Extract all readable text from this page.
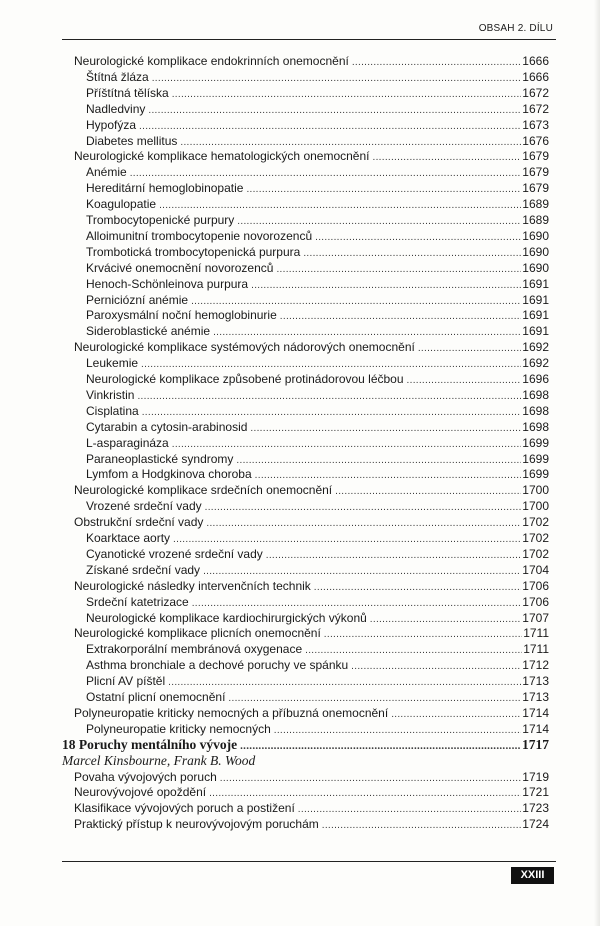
OBSAH 2. DÍLU
Neurologické komplikace endokrinních onemocnění .....	1666
Štítná žláza .....	1666
Příštítná tělíska .....	1672
Nadledviny .....	1672
Hypofýza .....	1673
Diabetes mellitus .....	1676
Neurologické komplikace hematologických onemocnění .....	1679
Anémie .....	1679
Hereditární hemoglobinopatie .....	1679
Koagulopatie .....	1689
Trombocytopenické purpury .....	1689
Alloimunitní trombocytopenie novorozenců .....	1690
Trombotická trombocytopenická purpura .....	1690
Krvácivé onemocnění novorozenců .....	1690
Henoch-Schönleinova purpura .....	1691
Perniciózní anémie .....	1691
Paroxysmální noční hemoglobinurie .....	1691
Sideroblastické anémie .....	1691
Neurologické komplikace systémových nádorových onemocnění .....	1692
Leukemie .....	1692
Neurologické komplikace způsobené protinádorovou léčbou .....	1696
Vinkristin .....	1698
Cisplatina .....	1698
Cytarabin a cytosin-arabinosid .....	1698
L-asparagináza .....	1699
Paraneoplastické syndromy .....	1699
Lymfom a Hodgkinova choroba .....	1699
Neurologické komplikace srdečních onemocnění .....	1700
Vrozené srdeční vady .....	1700
Obstrukční srdeční vady .....	1702
Koarktace aorty .....	1702
Cyanotické vrozené srdeční vady .....	1702
Získané srdeční vady .....	1704
Neurologické následky intervenčních technik .....	1706
Srdeční katetrizace .....	1706
Neurologické komplikace kardiochirurgických výkonů .....	1707
Neurologické komplikace plicních onemocnění .....	1711
Extrakorporální membránová oxygenace .....	1711
Asthma bronchiale a dechové poruchy ve spánku .....	1712
Plicní AV píštěl .....	1713
Ostatní plicní onemocnění .....	1713
Polyneuropatie kriticky nemocných a příbuzná onemocnění .....	1714
Polyneuropatie kriticky nemocných .....	1714
18 Poruchy mentálního vývoje .....	1717
Marcel Kinsbourne, Frank B. Wood
Povaha vývojových poruch .....	1719
Neurovývojové opoždění .....	1721
Klasifikace vývojových poruch a postižení .....	1723
Praktický přístup k neurovývojovým poruchám .....	1724
XXIII
